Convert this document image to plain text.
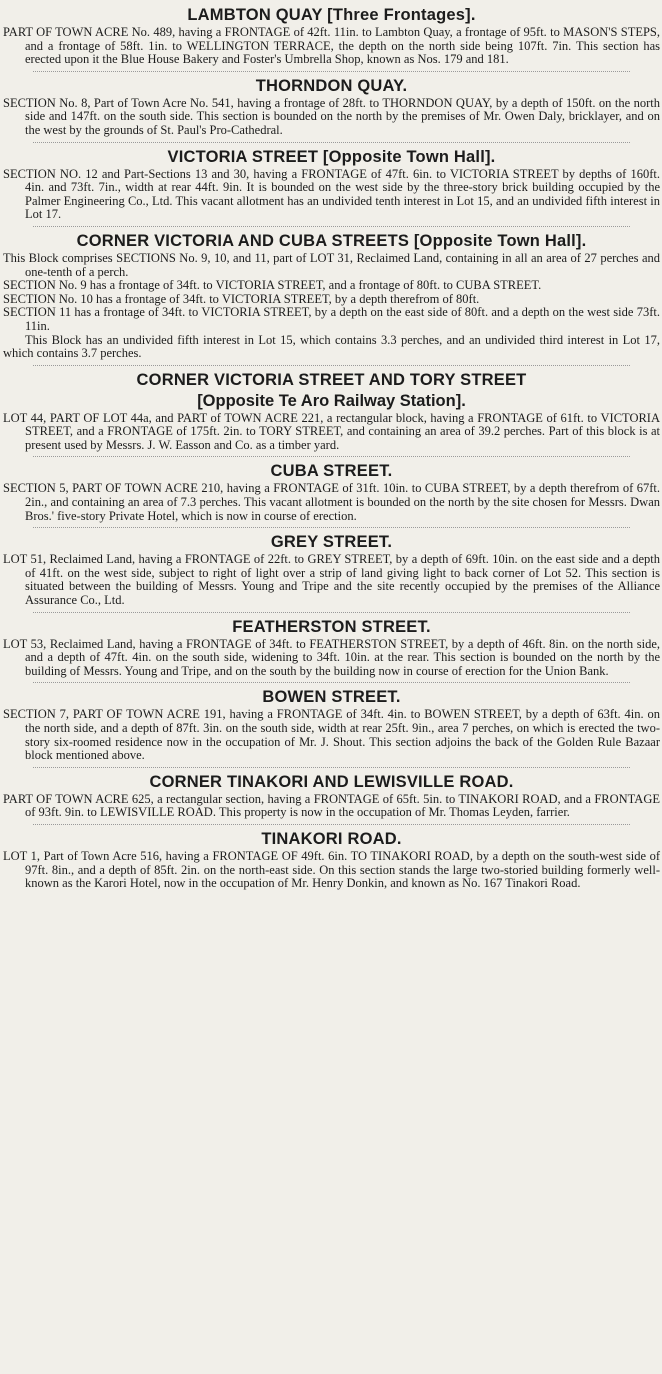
LAMBTON QUAY [Three Frontages].

PART OF TOWN ACRE No. 489, having a FRONTAGE of 42ft. 11in. to Lambton Quay, a frontage of 95ft. to MASON'S STEPS, and a frontage of 58ft. 1in. to WELLINGTON TERRACE, the depth on the north side being 107ft. 7in. This section has erected upon it the Blue House Bakery and Foster's Umbrella Shop, known as Nos. 179 and 181.

THORNDON QUAY.

SECTION No. 8, Part of Town Acre No. 541, having a frontage of 28ft. to THORNDON QUAY, by a depth of 150ft. on the north side and 147ft. on the south side. This section is bounded on the north by the premises of Mr. Owen Daly, bricklayer, and on the west by the grounds of St. Paul's Pro-Cathedral.

VICTORIA STREET [Opposite Town Hall].

SECTION NO. 12 and Part-Sections 13 and 30, having a FRONTAGE of 47ft. 6in. to VICTORIA STREET by depths of 160ft. 4in. and 73ft. 7in., width at rear 44ft. 9in. It is bounded on the west side by the three-story brick building occupied by the Palmer Engineering Co., Ltd. This vacant allotment has an undivided tenth interest in Lot 15, and an undivided fifth interest in Lot 17.

CORNER VICTORIA AND CUBA STREETS [Opposite Town Hall].

This Block comprises SECTIONS No. 9, 10, and 11, part of LOT 31, Reclaimed Land, containing in all an area of 27 perches and one-tenth of a perch.

SECTION No. 9 has a frontage of 34ft. to VICTORIA STREET, and a frontage of 80ft. to CUBA STREET.

SECTION No. 10 has a frontage of 34ft. to VICTORIA STREET, by a depth therefrom of 80ft.

SECTION 11 has a frontage of 34ft. to VICTORIA STREET, by a depth on the east side of 80ft. and a depth on the west side 73ft. 11in.

This Block has an undivided fifth interest in Lot 15, which contains 3.3 perches, and an undivided third interest in Lot 17, which contains 3.7 perches.

CORNER VICTORIA STREET AND TORY STREET
[Opposite Te Aro Railway Station].

LOT 44, PART OF LOT 44a, and PART of TOWN ACRE 221, a rectangular block, having a FRONTAGE of 61ft. to VICTORIA STREET, and a FRONTAGE of 175ft. 2in. to TORY STREET, and containing an area of 39.2 perches. Part of this block is at present used by Messrs. J. W. Easson and Co. as a timber yard.

CUBA STREET.

SECTION 5, PART OF TOWN ACRE 210, having a FRONTAGE of 31ft. 10in. to CUBA STREET, by a depth therefrom of 67ft. 2in., and containing an area of 7.3 perches. This vacant allotment is bounded on the north by the site chosen for Messrs. Dwan Bros.' five-story Private Hotel, which is now in course of erection.

GREY STREET.

LOT 51, Reclaimed Land, having a FRONTAGE of 22ft. to GREY STREET, by a depth of 69ft. 10in. on the east side and a depth of 41ft. on the west side, subject to right of light over a strip of land giving light to back corner of Lot 52. This section is situated between the building of Messrs. Young and Tripe and the site recently occupied by the premises of the Alliance Assurance Co., Ltd.

FEATHERSTON STREET.

LOT 53, Reclaimed Land, having a FRONTAGE of 34ft. to FEATHERSTON STREET, by a depth of 46ft. 8in. on the north side, and a depth of 47ft. 4in. on the south side, widening to 34ft. 10in. at the rear. This section is bounded on the north by the building of Messrs. Young and Tripe, and on the south by the building now in course of erection for the Union Bank.

BOWEN STREET.

SECTION 7, PART OF TOWN ACRE 191, having a FRONTAGE of 34ft. 4in. to BOWEN STREET, by a depth of 63ft. 4in. on the north side, and a depth of 87ft. 3in. on the south side, width at rear 25ft. 9in., area 7 perches, on which is erected the two-story six-roomed residence now in the occupation of Mr. J. Shout. This section adjoins the back of the Golden Rule Bazaar block mentioned above.

CORNER TINAKORI AND LEWISVILLE ROAD.

PART OF TOWN ACRE 625, a rectangular section, having a FRONTAGE of 65ft. 5in. to TINAKORI ROAD, and a FRONTAGE of 93ft. 9in. to LEWISVILLE ROAD. This property is now in the occupation of Mr. Thomas Leyden, farrier.

TINAKORI ROAD.

LOT 1, Part of Town Acre 516, having a FRONTAGE OF 49ft. 6in. TO TINAKORI ROAD, by a depth on the south-west side of 97ft. 8in., and a depth of 85ft. 2in. on the north-east side. On this section stands the large two-storied building formerly well-known as the Karori Hotel, now in the occupation of Mr. Henry Donkin, and known as No. 167 Tinakori Road.
